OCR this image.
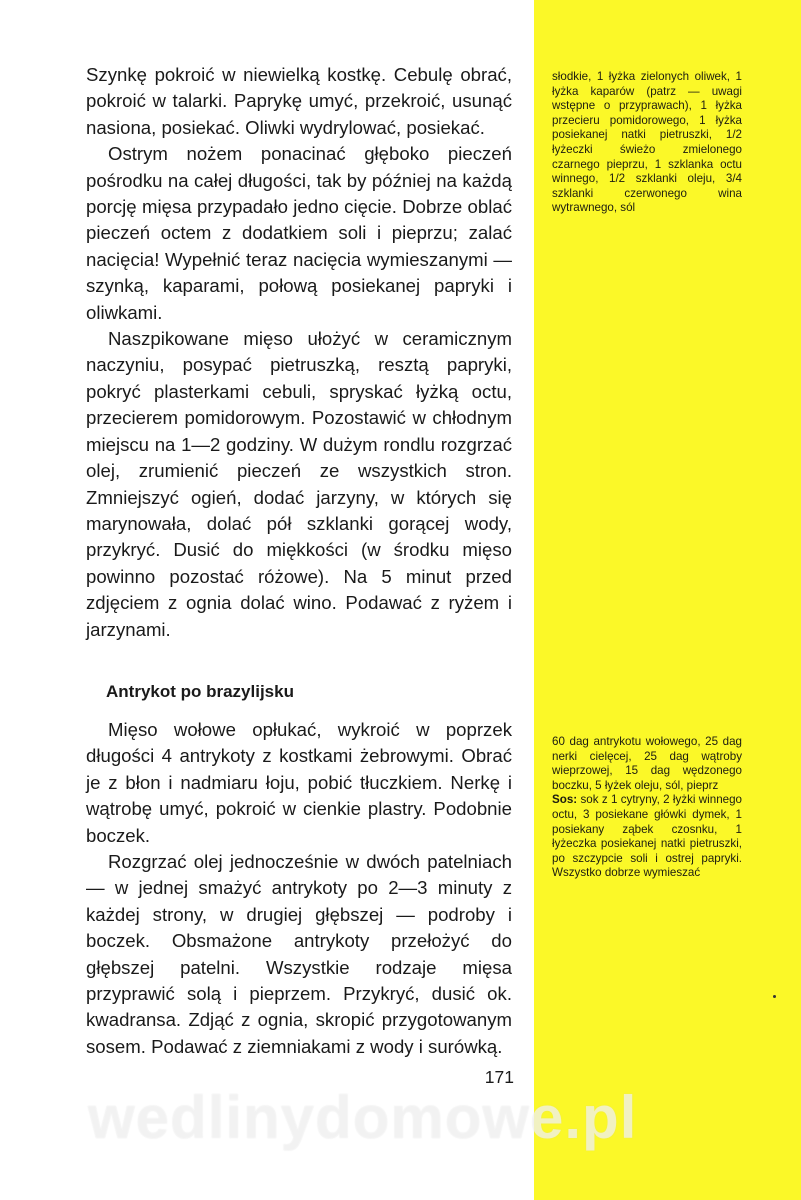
Szynkę pokroić w niewielką kostkę. Cebulę obrać, pokroić w talarki. Paprykę umyć, przekroić, usunąć nasiona, posiekać. Oliwki wydrylować, posiekać.

Ostrym nożem ponacinać głęboko pieczeń pośrodku na całej długości, tak by później na każdą porcję mięsa przypadało jedno cięcie. Dobrze oblać pieczeń octem z dodatkiem soli i pieprzu; zalać nacięcia! Wypełnić teraz nacięcia wymieszanymi — szynką, kaparami, połową posiekanej papryki i oliwkami.

Naszpikowane mięso ułożyć w ceramicznym naczyniu, posypać pietruszką, resztą papryki, pokryć plasterkami cebuli, spryskać łyżką octu, przecierem pomidorowym. Pozostawić w chłodnym miejscu na 1—2 godziny. W dużym rondlu rozgrzać olej, zrumienić pieczeń ze wszystkich stron. Zmniejszyć ogień, dodać jarzyny, w których się marynowała, dolać pół szklanki gorącej wody, przykryć. Dusić do miękkości (w środku mięso powinno pozostać różowe). Na 5 minut przed zdjęciem z ognia dolać wino. Podawać z ryżem i jarzynami.

słodkie, 1 łyżka zielonych oliwek, 1 łyżka kaparów (patrz — uwagi wstępne o przyprawach), 1 łyżka przecieru pomidorowego, 1 łyżka posiekanej natki pietruszki, 1/2 łyżeczki świeżo zmielonego czarnego pieprzu, 1 szklanka octu winnego, 1/2 szklanki oleju, 3/4 szklanki czerwonego wina wytrawnego, sól
Antrykot po brazylijsku

Mięso wołowe opłukać, wykroić w poprzek długości 4 antrykoty z kostkami żebrowymi. Obrać je z błon i nadmiaru łoju, pobić tłuczkiem. Nerkę i wątrobę umyć, pokroić w cienkie plastry. Podobnie boczek.

Rozgrzać olej jednocześnie w dwóch patelniach — w jednej smażyć antrykoty po 2—3 minuty z każdej strony, w drugiej głębszej — podroby i boczek. Obsmażone antrykoty przełożyć do głębszej patelni. Wszystkie rodzaje mięsa przyprawić solą i pieprzem. Przykryć, dusić ok. kwadransa. Zdjąć z ognia, skropić przygotowanym sosem. Podawać z ziemniakami z wody i surówką.

60 dag antrykotu wołowego, 25 dag nerki cielęcej, 25 dag wątroby wieprzowej, 15 dag wędzonego boczku, 5 łyżek oleju, sól, pieprz
Sos: sok z 1 cytryny, 2 łyżki winnego octu, 3 posiekane główki dymek, 1 posiekany ząbek czosnku, 1 łyżeczka posiekanej natki pietruszki, po szczypcie soli i ostrej papryki. Wszystko dobrze wymieszać
171
wedlinydomowe.pl
